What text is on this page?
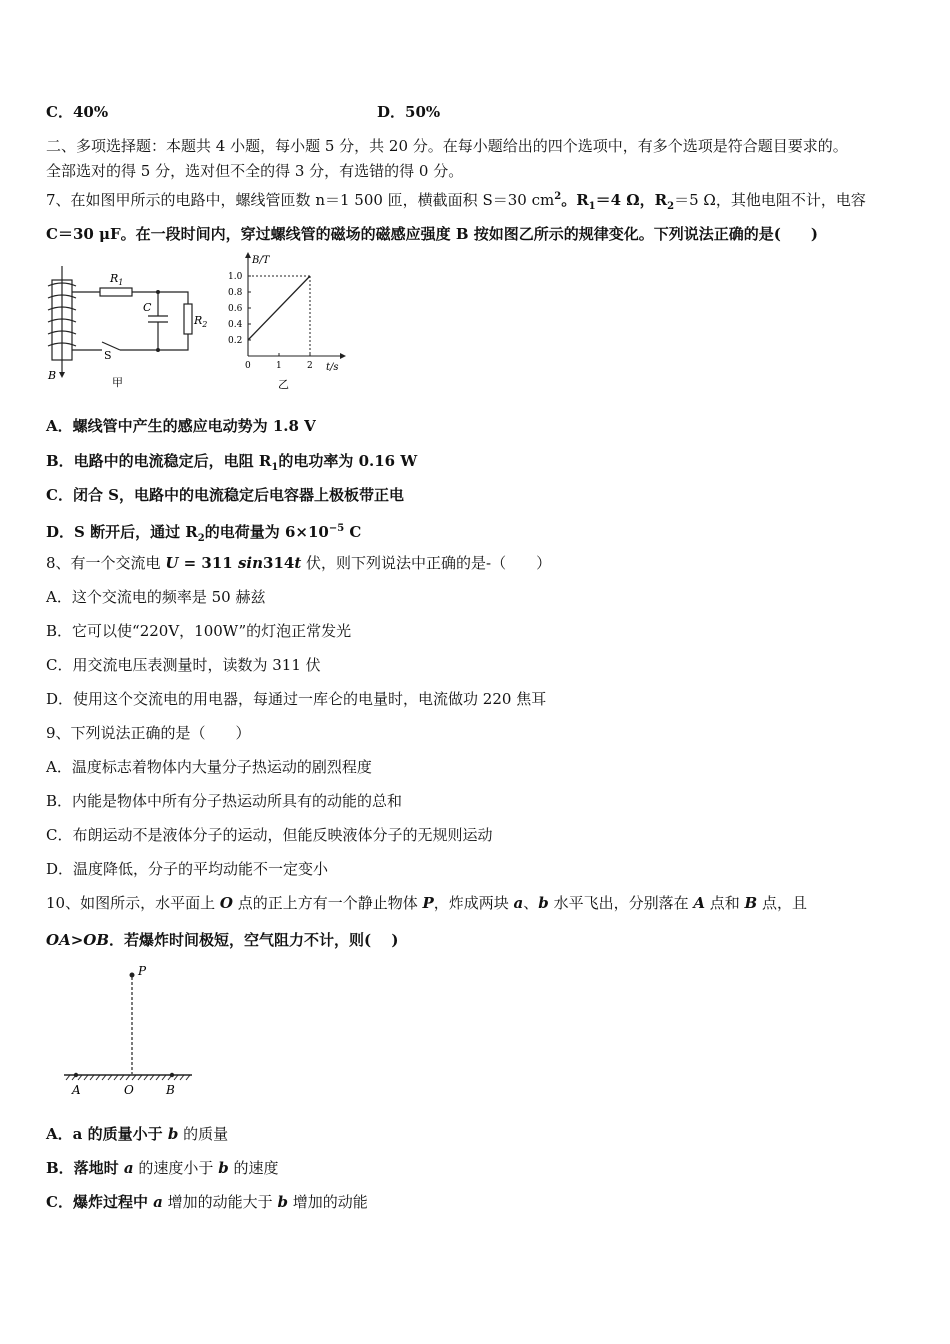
C．40%	D．50%
二、多项选择题：本题共 4 小题，每小题 5 分，共 20 分。在每小题给出的四个选项中，有多个选项是符合题目要求的。
全部选对的得 5 分，选对但不全的得 3 分，有选错的得 0 分。
7、在如图甲所示的电路中，螺线管匝数 n＝1 500 匝，横截面积 S＝30 $cm^2$。$R_1=4$ Ω，$R_2=5$ Ω，其他电阻不计，电容
C＝30 μF。在一段时间内，穿过螺线管的磁场的磁感应强度 B 按如图乙所示的规律变化。下列说法正确的是(　　)
$R_1$
$R_2$
C
S
B
甲
B/T
t/s
乙
0	1	2
0.2
0.4
0.6
0.8
1.0
A．螺线管中产生的感应电动势为 1.8 V
B．电路中的电流稳定后，电阻 $R_1$的电功率为 0.16 W
C．闭合 S，电路中的电流稳定后电容器上极板带正电
D．S 断开后，通过 $R_2$的电荷量为 $6\times 10^{-5}$ C
8、有一个交流电 U = 311 sin314t 伏，则下列说法中正确的是-（　　）
A．这个交流电的频率是 50 赫兹
B．它可以使“220V，100W”的灯泡正常发光
C．用交流电压表测量时，读数为 311 伏
D．使用这个交流电的用电器，每通过一库仑的电量时，电流做功 220 焦耳
9、下列说法正确的是（　　）
A．温度标志着物体内大量分子热运动的剧烈程度
B．内能是物体中所有分子热运动所具有的动能的总和
C．布朗运动不是液体分子的运动，但能反映液体分子的无规则运动
D．温度降低，分子的平均动能不一定变小
10、如图所示，水平面上 O 点的正上方有一个静止物体 P，炸成两块 a、b 水平飞出，分别落在 A 点和 B 点，且
OA>OB．若爆炸时间极短，空气阻力不计，则(　 )
P
A	O	B
A．a 的质量小于 b 的质量
B．落地时 a 的速度小于 b 的速度
C．爆炸过程中 a 增加的动能大于 b 增加的动能
